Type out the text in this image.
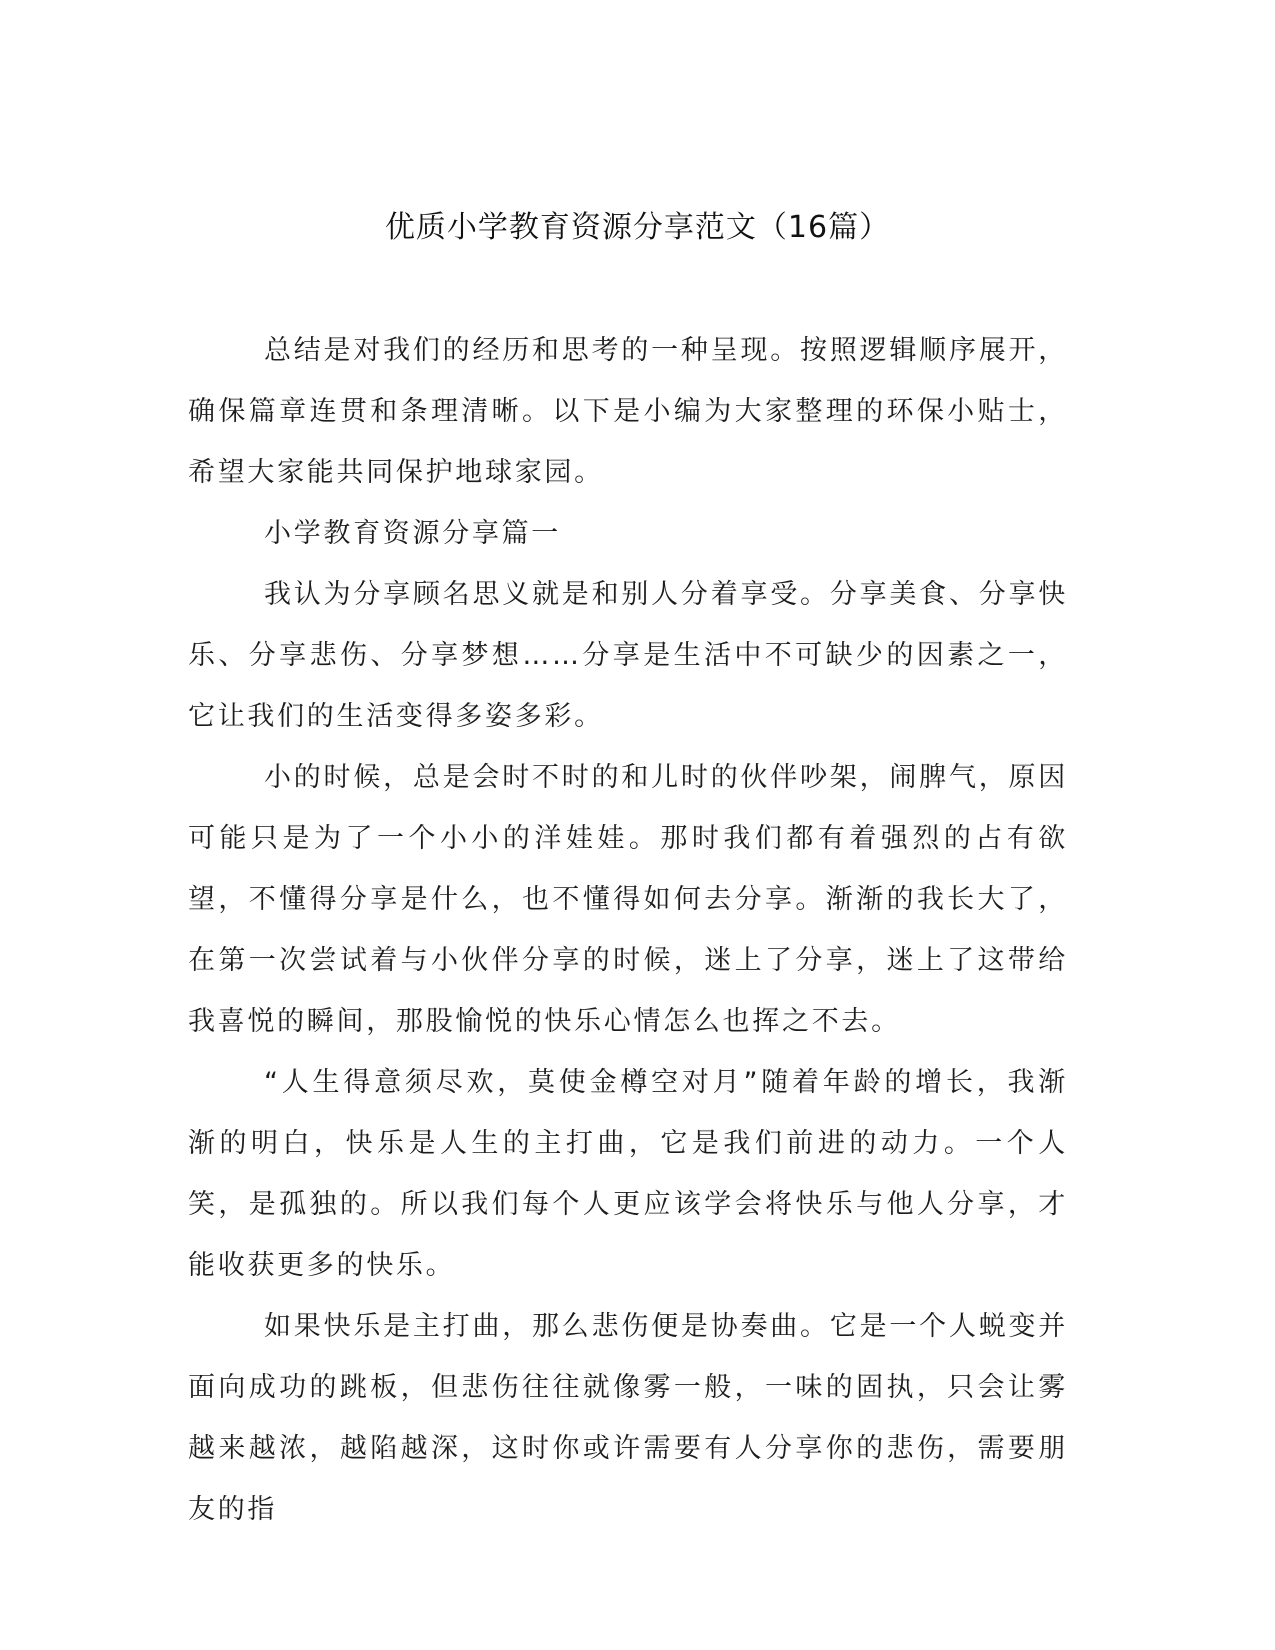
优质小学教育资源分享范文（16篇）

总结是对我们的经历和思考的一种呈现。按照逻辑顺序展开，确保篇章连贯和条理清晰。以下是小编为大家整理的环保小贴士，希望大家能共同保护地球家园。

小学教育资源分享篇一

我认为分享顾名思义就是和别人分着享受。分享美食、分享快乐、分享悲伤、分享梦想……分享是生活中不可缺少的因素之一，它让我们的生活变得多姿多彩。

小的时候，总是会时不时的和儿时的伙伴吵架，闹脾气，原因可能只是为了一个小小的洋娃娃。那时我们都有着强烈的占有欲望，不懂得分享是什么，也不懂得如何去分享。渐渐的我长大了，在第一次尝试着与小伙伴分享的时候，迷上了分享，迷上了这带给我喜悦的瞬间，那股愉悦的快乐心情怎么也挥之不去。

“人生得意须尽欢，莫使金樽空对月”随着年龄的增长，我渐渐的明白，快乐是人生的主打曲，它是我们前进的动力。一个人笑，是孤独的。所以我们每个人更应该学会将快乐与他人分享，才能收获更多的快乐。

如果快乐是主打曲，那么悲伤便是协奏曲。它是一个人蜕变并面向成功的跳板，但悲伤往往就像雾一般，一味的固执，只会让雾越来越浓，越陷越深，这时你或许需要有人分享你的悲伤，需要朋友的指
